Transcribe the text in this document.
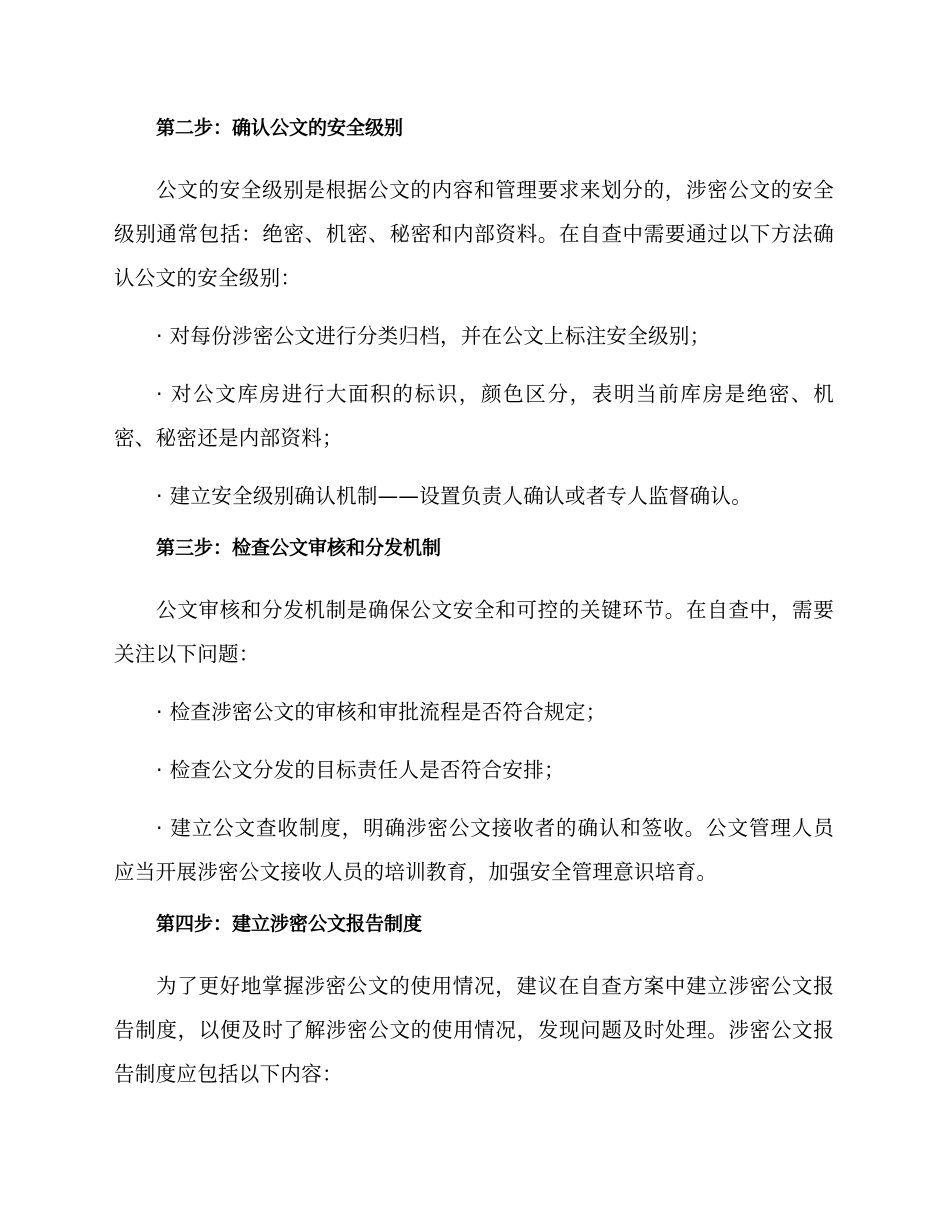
第二步：确认公文的安全级别

公文的安全级别是根据公文的内容和管理要求来划分的，涉密公文的安全级别通常包括：绝密、机密、秘密和内部资料。在自查中需要通过以下方法确认公文的安全级别：

· 对每份涉密公文进行分类归档，并在公文上标注安全级别；

· 对公文库房进行大面积的标识，颜色区分，表明当前库房是绝密、机密、秘密还是内部资料；

· 建立安全级别确认机制——设置负责人确认或者专人监督确认。

第三步：检查公文审核和分发机制

公文审核和分发机制是确保公文安全和可控的关键环节。在自查中，需要关注以下问题：

· 检查涉密公文的审核和审批流程是否符合规定；

· 检查公文分发的目标责任人是否符合安排；

· 建立公文查收制度，明确涉密公文接收者的确认和签收。公文管理人员应当开展涉密公文接收人员的培训教育，加强安全管理意识培育。

第四步：建立涉密公文报告制度

为了更好地掌握涉密公文的使用情况，建议在自查方案中建立涉密公文报告制度，以便及时了解涉密公文的使用情况，发现问题及时处理。涉密公文报告制度应包括以下内容：
